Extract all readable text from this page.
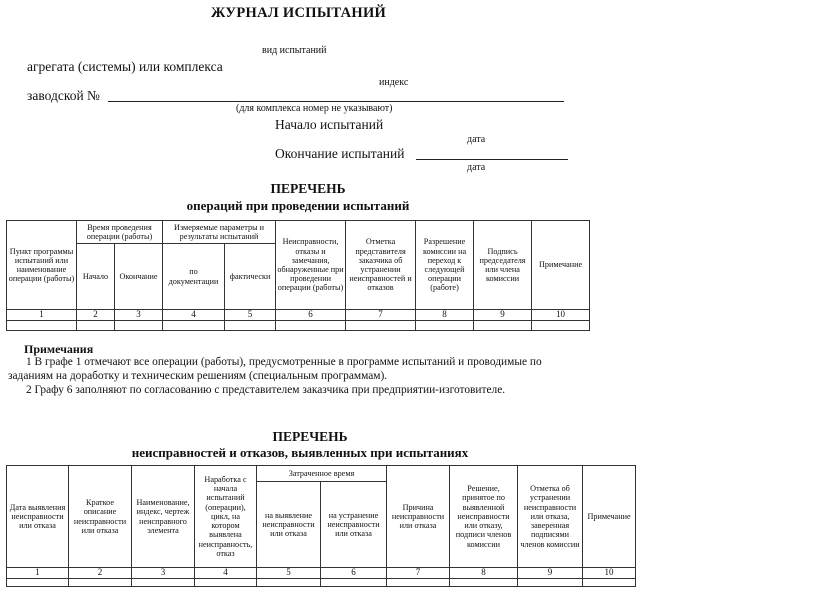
ЖУРНАЛ ИСПЫТАНИЙ
вид испытаний
агрегата (системы) или комплекса
индекс
заводской №
(для комплекса номер не указывают)
Начало испытаний
дата
Окончание испытаний
дата
ПЕРЕЧЕНЬ
операций при проведении испытаний
Пункт программы испытаний или наименование операции (работы)	Время проведения операции (работы)		Измеряемые параметры и результаты испытаний		Неисправности, отказы и замечания, обнаруженные при проведении операции (работы)	Отметка представителя заказчика об устранении неисправностей и отказов	Разрешение комиссии на переход к следующей операции (работе)	Подпись председателя или члена комиссии	Примечание
	Начало	Окончание	по документации	фактически					
1	2	3	4	5	6	7	8	9	10

Примечания
1 В графе 1 отмечают все операции (работы), предусмотренные в программе испытаний и проводимые по
заданиям на доработку и техническим решениям (специальным программам).
2 Графу 6 заполняют по согласованию с представителем заказчика при предприятии-изготовителе.
ПЕРЕЧЕНЬ
неисправностей и отказов, выявленных при испытаниях
Дата выявления неисправности или отказа	Краткое описание неисправности или отказа	Наименование, индекс, чертеж неисправного элемента	Наработка с начала испытаний (операции), цикл, на котором выявлена неисправность, отказ	Затраченное время		Причина неисправности или отказа	Решение, принятое по выявленной неисправности или отказу, подписи членов комиссии	Отметка об устранении неисправности или отказа, заверенная подписями членов комиссии	Примечание
				на выявление неисправности или отказа	на устранение неисправности или отказа				
1	2	3	4	5	6	7	8	9	10
